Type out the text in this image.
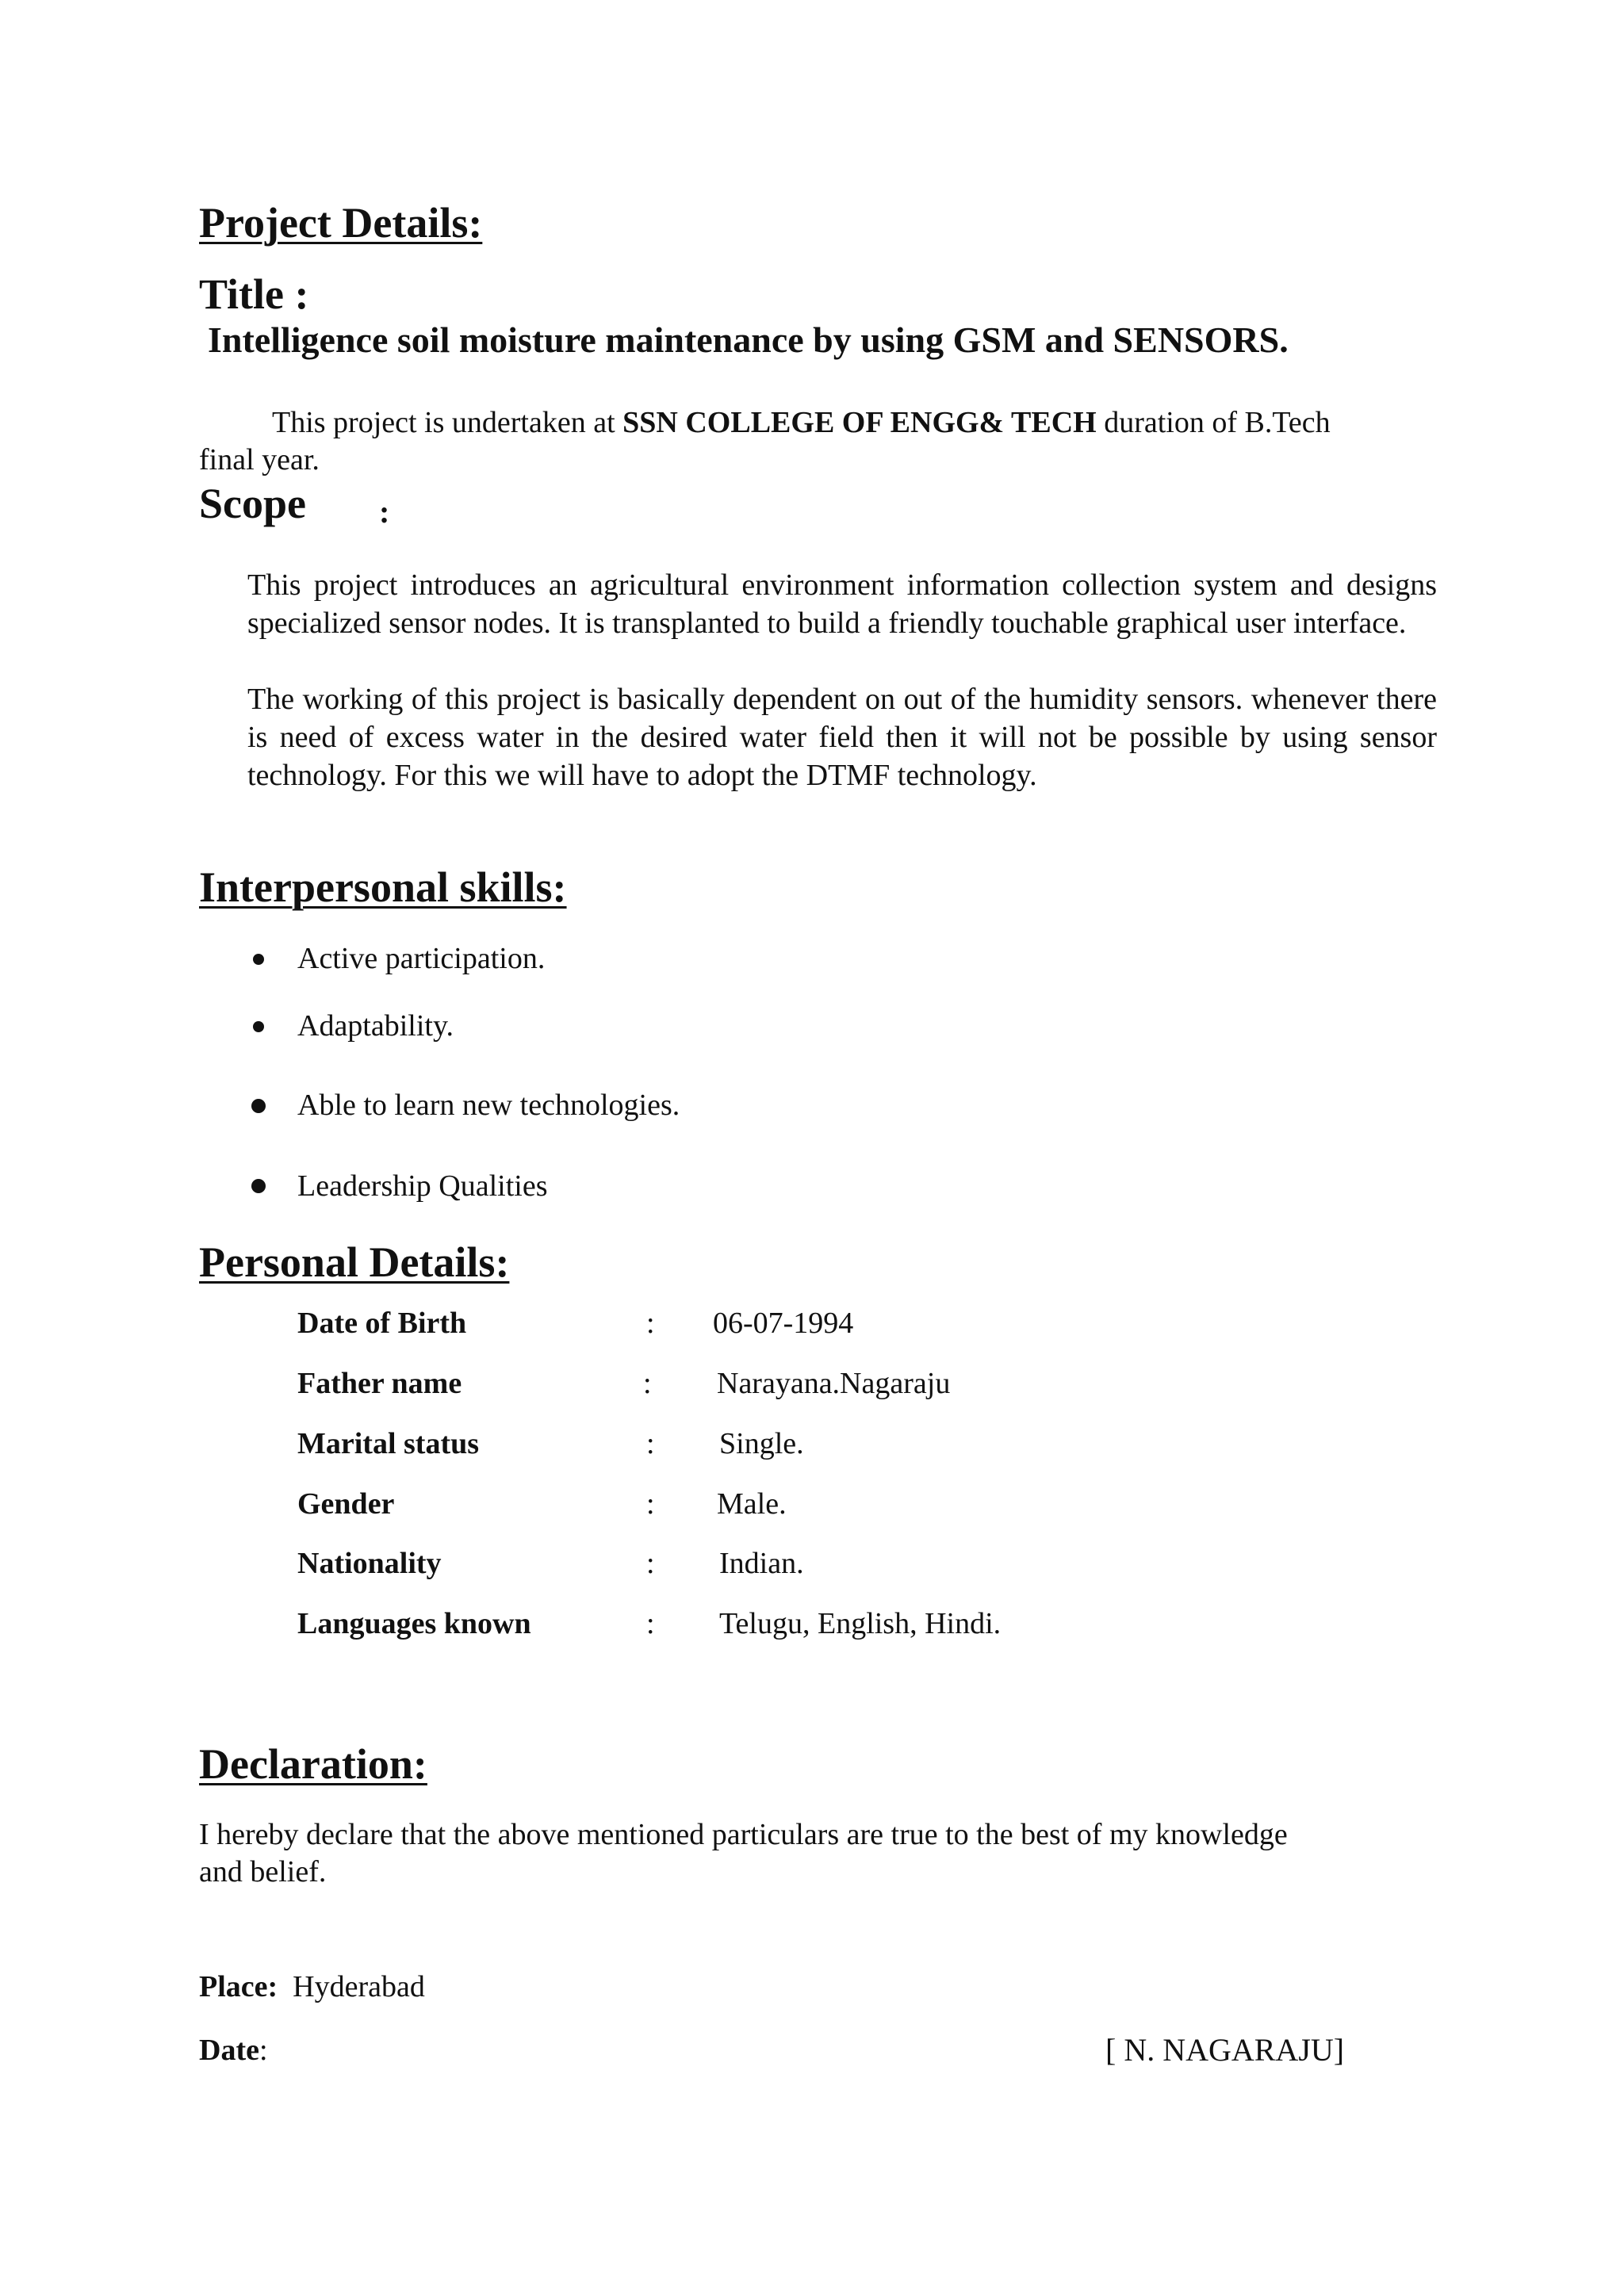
Project Details:
Title :
Intelligence soil moisture maintenance by using GSM and SENSORS.
This project is undertaken at SSN COLLEGE OF ENGG& TECH duration of B.Tech
final year.
Scope :
This project introduces an agricultural environment information collection system and designs specialized sensor nodes. It is transplanted to build a friendly touchable graphical user interface.
The working of this project is basically dependent on out of the humidity sensors. whenever there is need of excess water in the desired water field then it will not be possible by using sensor technology. For this we will have to adopt the DTMF technology.
Interpersonal skills:
Active participation.
Adaptability.
Able to learn new technologies.
Leadership Qualities
Personal Details:
Date of Birth	: 06-07-1994
Father name	: Narayana.Nagaraju
Marital status	: Single.
Gender	: Male.
Nationality	: Indian.
Languages known	: Telugu, English, Hindi.
Declaration:
I hereby declare that the above mentioned particulars are true to the best of my knowledge
and belief.
Place: Hyderabad
Date:	[ N. NAGARAJU]
